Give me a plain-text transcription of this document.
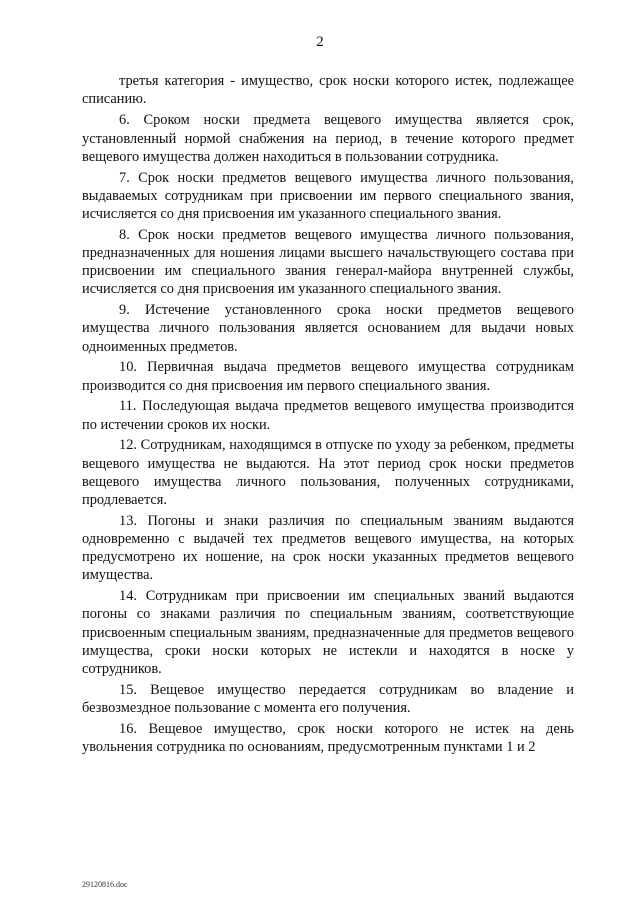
2

третья категория - имущество, срок носки которого истек, подлежащее списанию.

6. Сроком носки предмета вещевого имущества является срок, установленный нормой снабжения на период, в течение которого предмет вещевого имущества должен находиться в пользовании сотрудника.

7. Срок носки предметов вещевого имущества личного пользования, выдаваемых сотрудникам при присвоении им первого специального звания, исчисляется со дня присвоения им указанного специального звания.

8. Срок носки предметов вещевого имущества личного пользования, предназначенных для ношения лицами высшего начальствующего состава при присвоении им специального звания генерал-майора внутренней службы, исчисляется со дня присвоения им указанного специального звания.

9. Истечение установленного срока носки предметов вещевого имущества личного пользования является основанием для выдачи новых одноименных предметов.

10. Первичная выдача предметов вещевого имущества сотрудникам производится со дня присвоения им первого специального звания.

11. Последующая выдача предметов вещевого имущества производится по истечении сроков их носки.

12. Сотрудникам, находящимся в отпуске по уходу за ребенком, предметы вещевого имущества не выдаются. На этот период срок носки предметов вещевого имущества личного пользования, полученных сотрудниками, продлевается.

13. Погоны и знаки различия по специальным званиям выдаются одновременно с выдачей тех предметов вещевого имущества, на которых предусмотрено их ношение, на срок носки указанных предметов вещевого имущества.

14. Сотрудникам при присвоении им специальных званий выдаются погоны со знаками различия по специальным званиям, соответствующие присвоенным специальным званиям, предназначенные для предметов вещевого имущества, сроки носки которых не истекли и находятся в носке у сотрудников.

15. Вещевое имущество передается сотрудникам во владение и безвозмездное пользование с момента его получения.

16. Вещевое имущество, срок носки которого не истек на день увольнения сотрудника по основаниям, предусмотренным пунктами 1 и 2

29120816.doc
